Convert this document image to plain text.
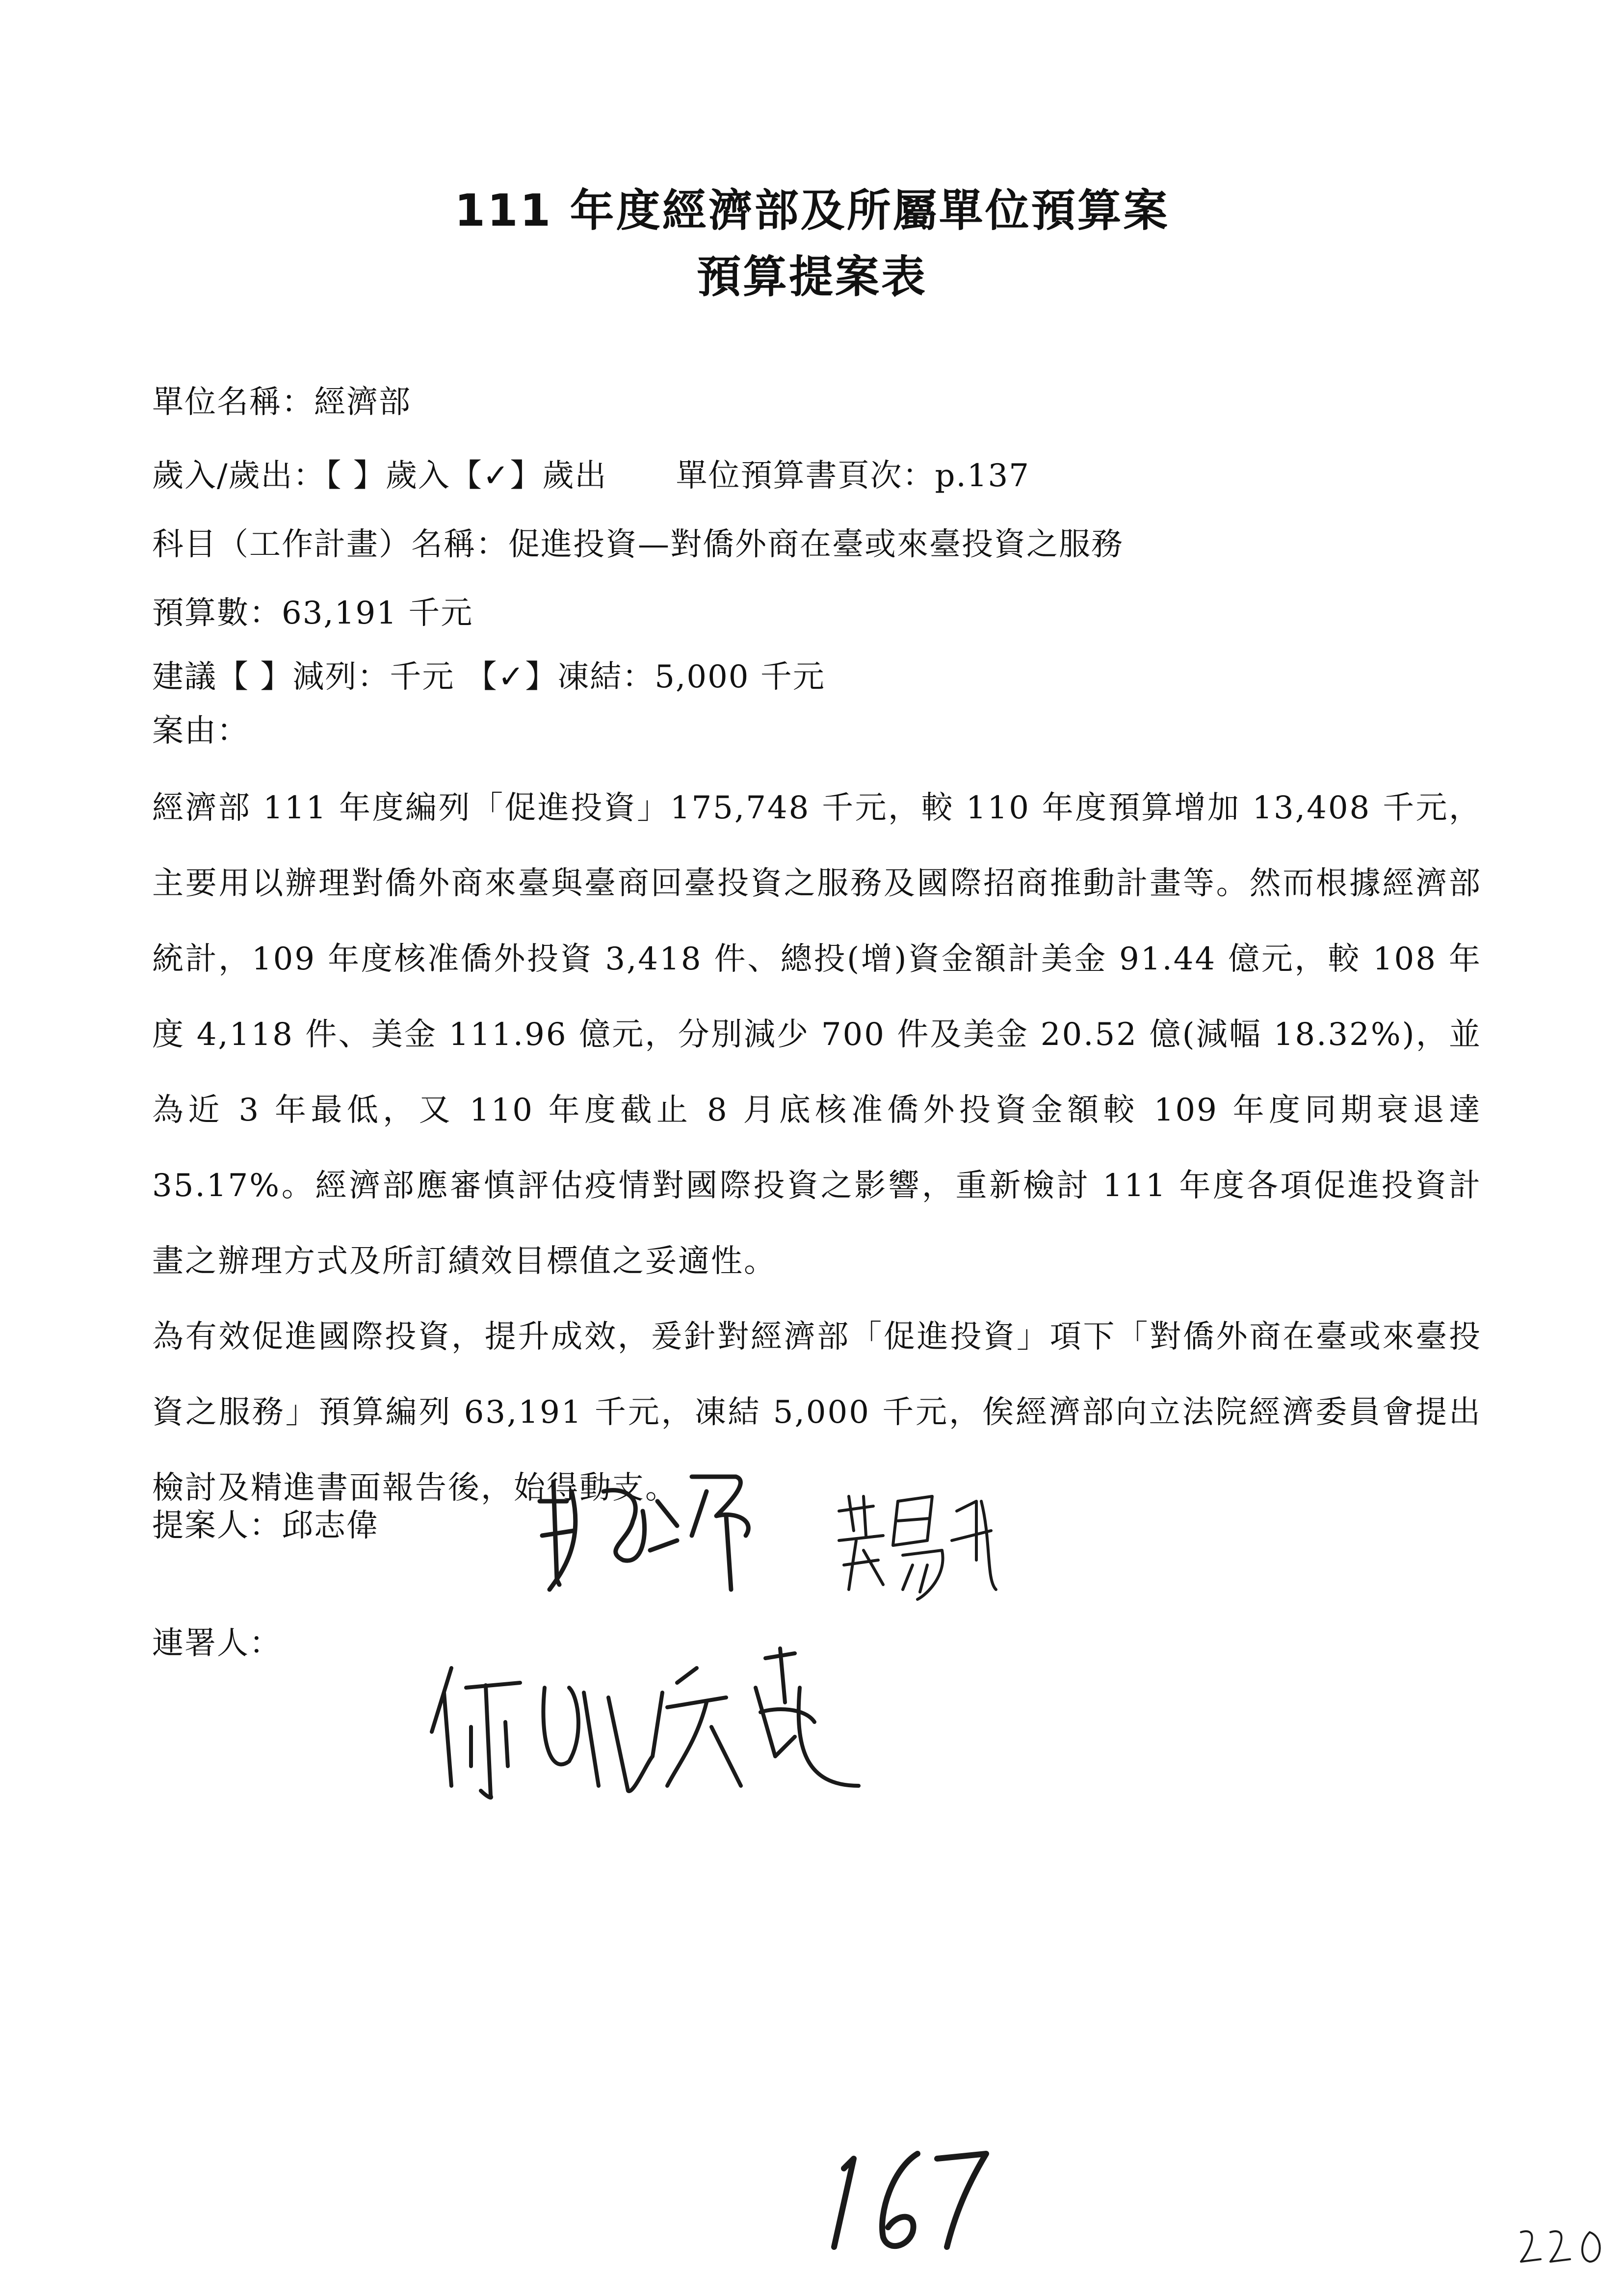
111 年度經濟部及所屬單位預算案
預算提案表
單位名稱：經濟部
歲入/歲出：【 】歲入【✓】歲出 單位預算書頁次：p.137
科目（工作計畫）名稱：促進投資—對僑外商在臺或來臺投資之服務
預算數：63,191 千元
建議【 】減列：千元 【✓】凍結：5,000 千元
案由：

經濟部 111 年度編列「促進投資」175,748 千元，較 110 年度預算增加 13,408 千元，主要用以辦理對僑外商來臺與臺商回臺投資之服務及國際招商推動計畫等。然而根據經濟部統計，109 年度核准僑外投資 3,418 件、總投(增)資金額計美金 91.44 億元，較 108 年度 4,118 件、美金 111.96 億元，分別減少 700 件及美金 20.52 億(減幅 18.32%)，並為近 3 年最低，又 110 年度截止 8 月底核准僑外投資金額較 109 年度同期衰退達 35.17%。經濟部應審慎評估疫情對國際投資之影響，重新檢討 111 年度各項促進投資計畫之辦理方式及所訂績效目標值之妥適性。

為有效促進國際投資，提升成效，爰針對經濟部「促進投資」項下「對僑外商在臺或來臺投資之服務」預算編列 63,191 千元，凍結 5,000 千元，俟經濟部向立法院經濟委員會提出檢討及精進書面報告後，始得動支。

提案人：邱志偉
連署人：
